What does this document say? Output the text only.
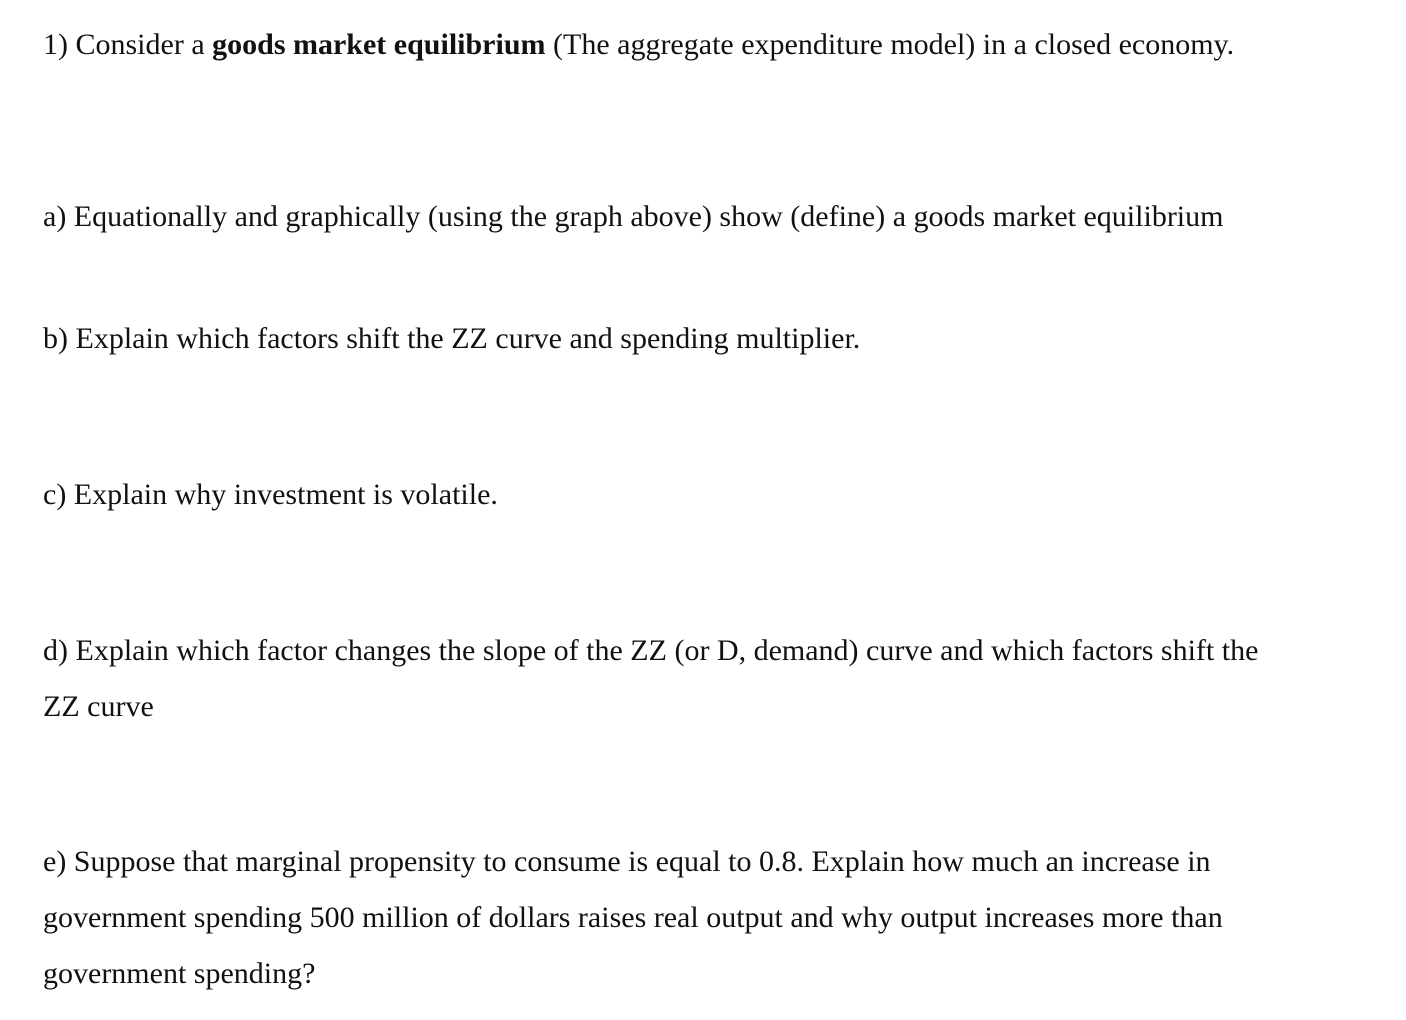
1) Consider a goods market equilibrium (The aggregate expenditure model) in a closed economy.
a) Equationally and graphically (using the graph above) show (define) a goods market equilibrium
b) Explain which factors shift the ZZ curve and spending multiplier.
c) Explain why investment is volatile.
d) Explain which factor changes the slope of the ZZ (or D, demand) curve and which factors shift the
ZZ curve
e) Suppose that marginal propensity to consume is equal to 0.8. Explain how much an increase in
government spending 500 million of dollars raises real output and why output increases more than
government spending?
